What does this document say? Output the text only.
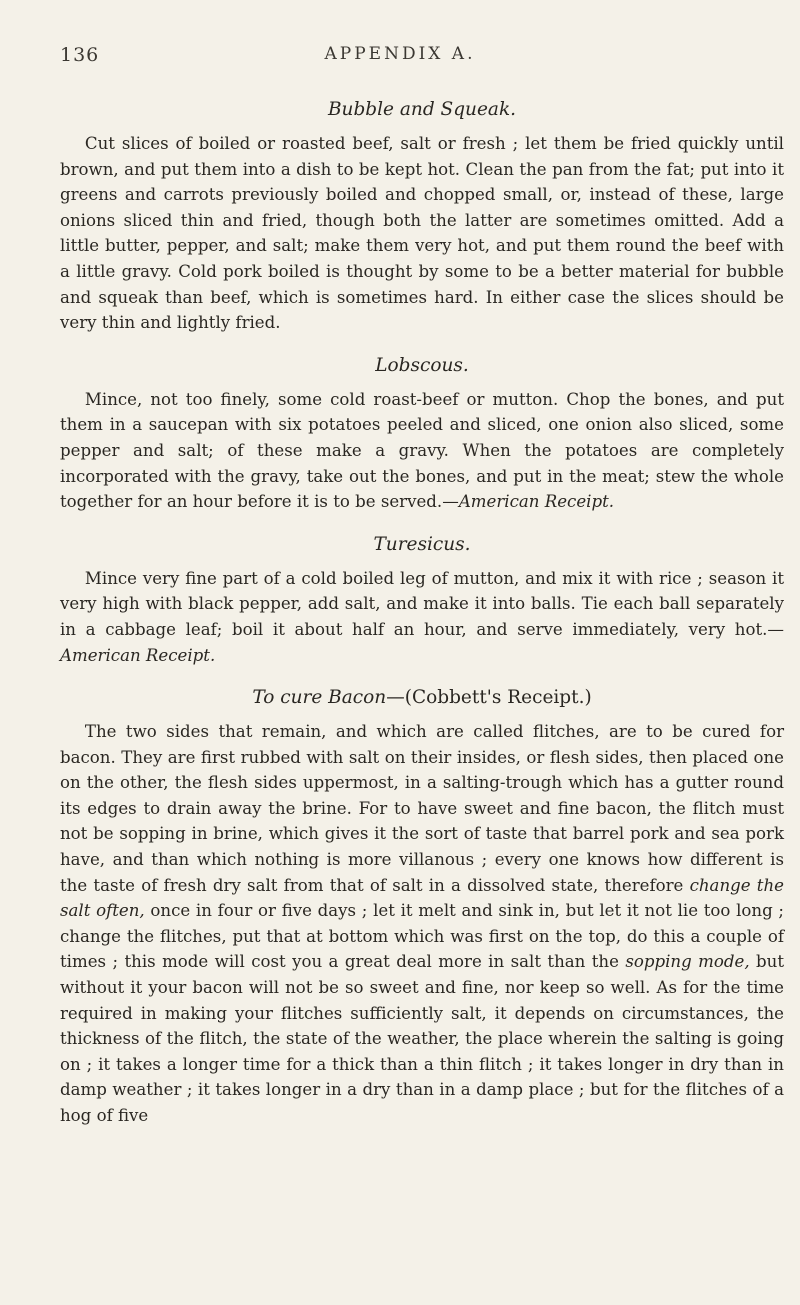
136	APPENDIX A.
Bubble and Squeak.

Cut slices of boiled or roasted beef, salt or fresh ; let them be fried quickly until brown, and put them into a dish to be kept hot. Clean the pan from the fat; put into it greens and carrots previously boiled and chopped small, or, instead of these, large onions sliced thin and fried, though both the latter are sometimes omitted. Add a little butter, pepper, and salt; make them very hot, and put them round the beef with a little gravy. Cold pork boiled is thought by some to be a better material for bubble and squeak than beef, which is sometimes hard. In either case the slices should be very thin and lightly fried.

Lobscous.

Mince, not too finely, some cold roast-beef or mutton. Chop the bones, and put them in a saucepan with six potatoes peeled and sliced, one onion also sliced, some pepper and salt; of these make a gravy. When the potatoes are completely incorporated with the gravy, take out the bones, and put in the meat; stew the whole together for an hour before it is to be served.—American Receipt.

Turesicus.

Mince very fine part of a cold boiled leg of mutton, and mix it with rice ; season it very high with black pepper, add salt, and make it into balls. Tie each ball separately in a cabbage leaf; boil it about half an hour, and serve immediately, very hot.—American Receipt.

To cure Bacon—(Cobbett's Receipt.)

The two sides that remain, and which are called flitches, are to be cured for bacon. They are first rubbed with salt on their insides, or flesh sides, then placed one on the other, the flesh sides uppermost, in a salting-trough which has a gutter round its edges to drain away the brine. For to have sweet and fine bacon, the flitch must not be sopping in brine, which gives it the sort of taste that barrel pork and sea pork have, and than which nothing is more villanous ; every one knows how different is the taste of fresh dry salt from that of salt in a dissolved state, therefore change the salt often, once in four or five days ; let it melt and sink in, but let it not lie too long ; change the flitches, put that at bottom which was first on the top, do this a couple of times ; this mode will cost you a great deal more in salt than the sopping mode, but without it your bacon will not be so sweet and fine, nor keep so well. As for the time required in making your flitches sufficiently salt, it depends on circumstances, the thickness of the flitch, the state of the weather, the place wherein the salting is going on ; it takes a longer time for a thick than a thin flitch ; it takes longer in dry than in damp weather ; it takes longer in a dry than in a damp place ; but for the flitches of a hog of five
